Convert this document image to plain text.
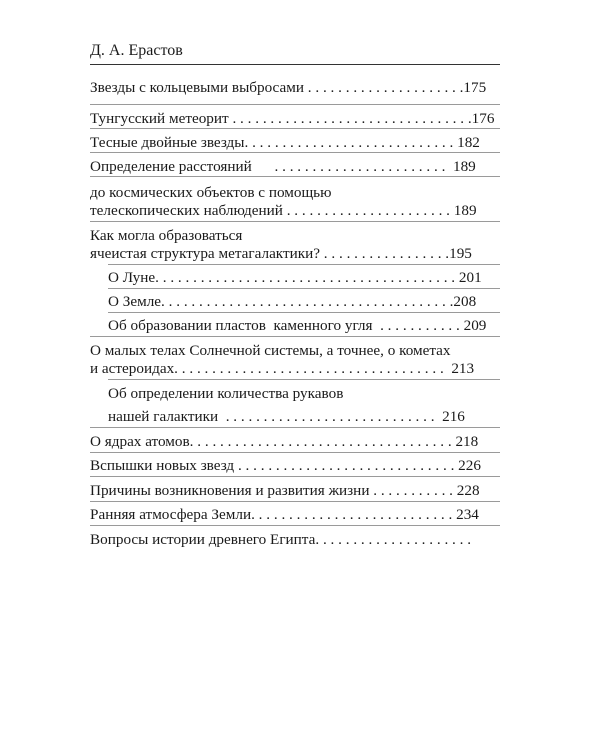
Д. А. Ерастов
Звезды с кольцевыми выбросами . . . . . . . . . . . . . . . . . . . . .175
Тунгусский метеорит . . . . . . . . . . . . . . . . . . . . . . . . . . . . . . . .176
Тесные двойные звезды. . . . . . . . . . . . . . . . . . . . . . . . . . . . 182
Определение расстояний      . . . . . . . . . . . . . . . . . . . . . . .  189
до космических объектов с помощью
телескопических наблюдений . . . . . . . . . . . . . . . . . . . . . . 189
Как могла образоваться
ячеистая структура метагалактики? . . . . . . . . . . . . . . . . .195
О Луне. . . . . . . . . . . . . . . . . . . . . . . . . . . . . . . . . . . . . . . . 201
О Земле. . . . . . . . . . . . . . . . . . . . . . . . . . . . . . . . . . . . . . .208
Об образовании пластов  каменного угля  . . . . . . . . . . . 209
О малых телах Солнечной системы, а точнее, о кометах
и астероидах. . . . . . . . . . . . . . . . . . . . . . . . . . . . . . . . . . . .  213
Об определении количества рукавов
нашей галактики  . . . . . . . . . . . . . . . . . . . . . . . . . . . .  216
О ядрах атомов. . . . . . . . . . . . . . . . . . . . . . . . . . . . . . . . . . . 218
Вспышки новых звезд . . . . . . . . . . . . . . . . . . . . . . . . . . . . . 226
Причины возникновения и развития жизни . . . . . . . . . . . 228
Ранняя атмосфера Земли. . . . . . . . . . . . . . . . . . . . . . . . . . . 234
Вопросы истории древнего Египта. . . . . . . . . . . . . . . . . . . . .
